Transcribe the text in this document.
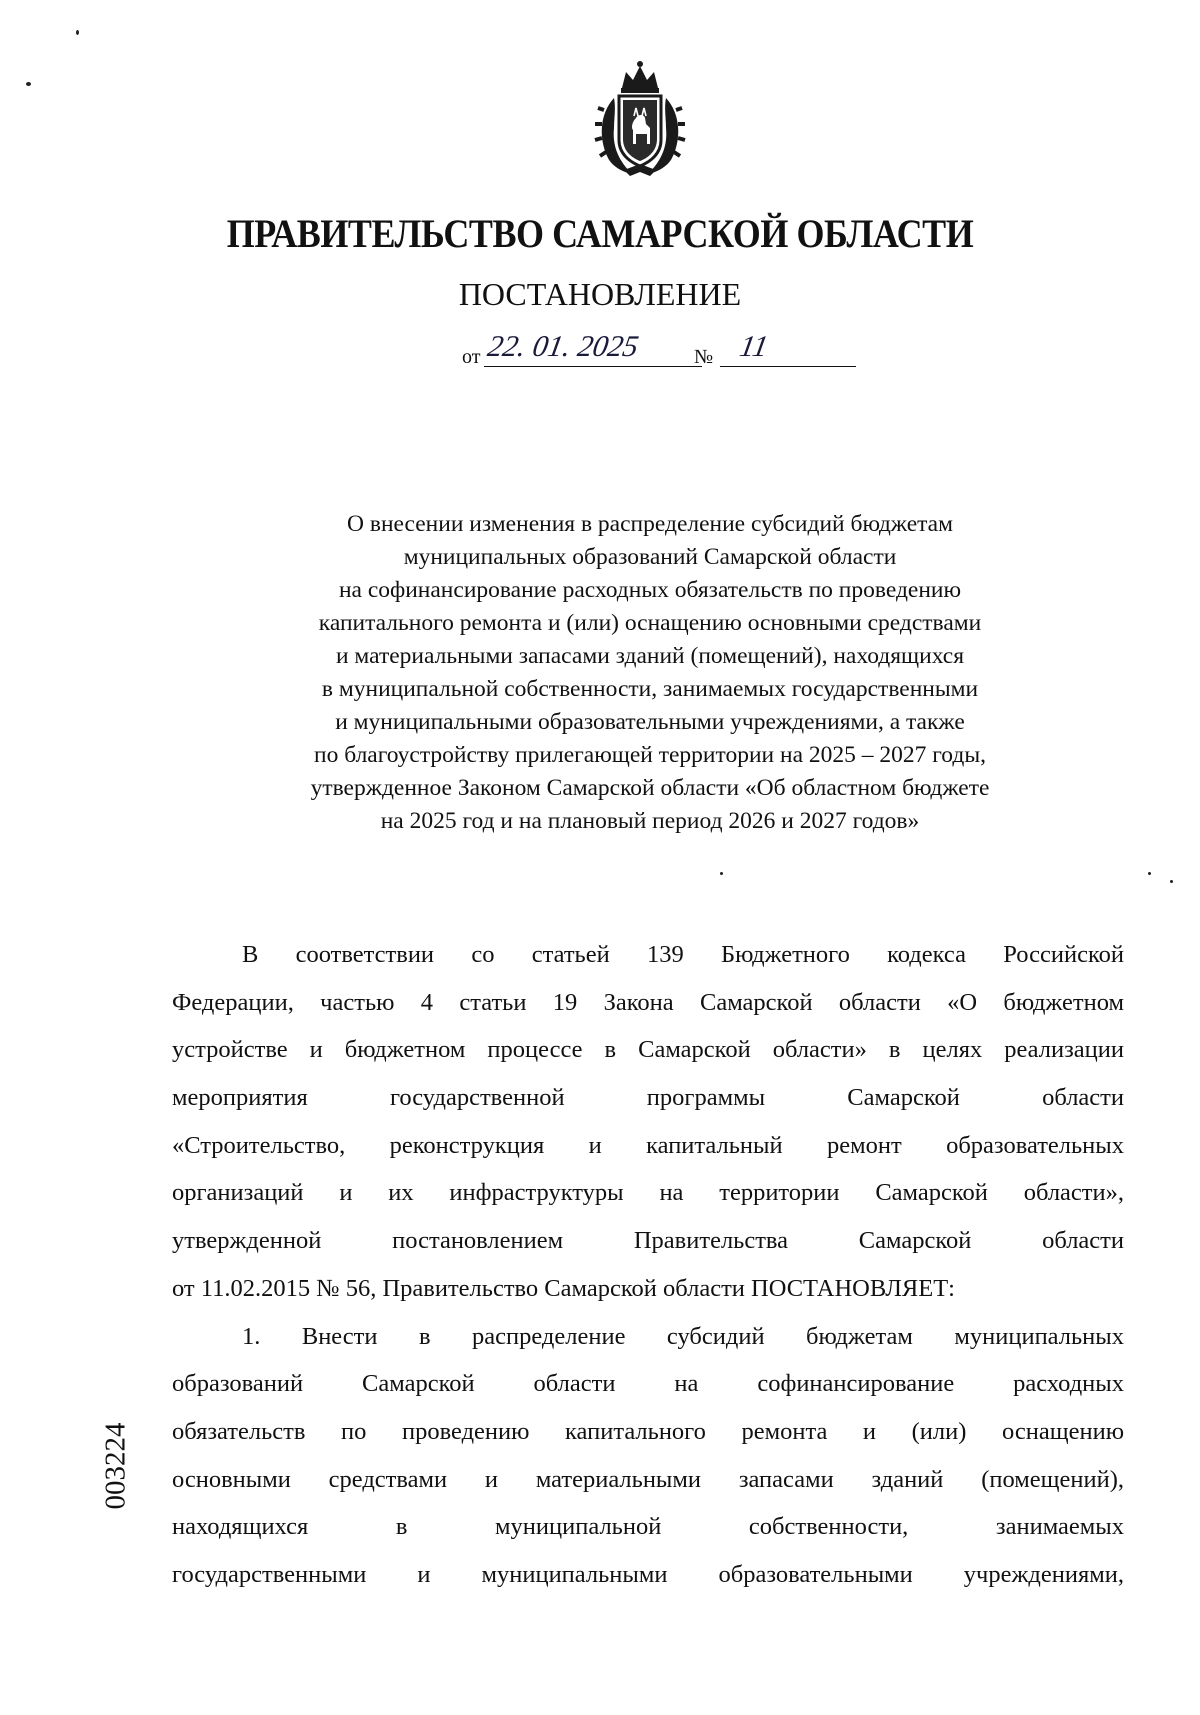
ПРАВИТЕЛЬСТВО САМАРСКОЙ ОБЛАСТИ
ПОСТАНОВЛЕНИЕ
от 22. 01. 2025	№ 11
О внесении изменения в распределение субсидий бюджетам
муниципальных образований Самарской области
на софинансирование расходных обязательств по проведению
капитального ремонта и (или) оснащению основными средствами
и материальными запасами зданий (помещений), находящихся
в муниципальной собственности, занимаемых государственными
и муниципальными образовательными учреждениями, а также
по благоустройству прилегающей территории на 2025 – 2027 годы,
утвержденное Законом Самарской области «Об областном бюджете
на 2025 год и на плановый период 2026 и 2027 годов»
В соответствии со статьей 139 Бюджетного кодекса Российской
Федерации, частью 4 статьи 19 Закона Самарской области «О бюджетном
устройстве и бюджетном процессе в Самарской области» в целях реализации
мероприятия государственной программы Самарской области
«Строительство, реконструкция и капитальный ремонт образовательных
организаций и их инфраструктуры на территории Самарской области»,
утвержденной постановлением Правительства Самарской области
от 11.02.2015 № 56, Правительство Самарской области ПОСТАНОВЛЯЕТ:
1. Внести в распределение субсидий бюджетам муниципальных
образований Самарской области на софинансирование расходных
обязательств по проведению капитального ремонта и (или) оснащению
основными средствами и материальными запасами зданий (помещений),
находящихся в муниципальной собственности, занимаемых
государственными и муниципальными образовательными учреждениями,
003224
